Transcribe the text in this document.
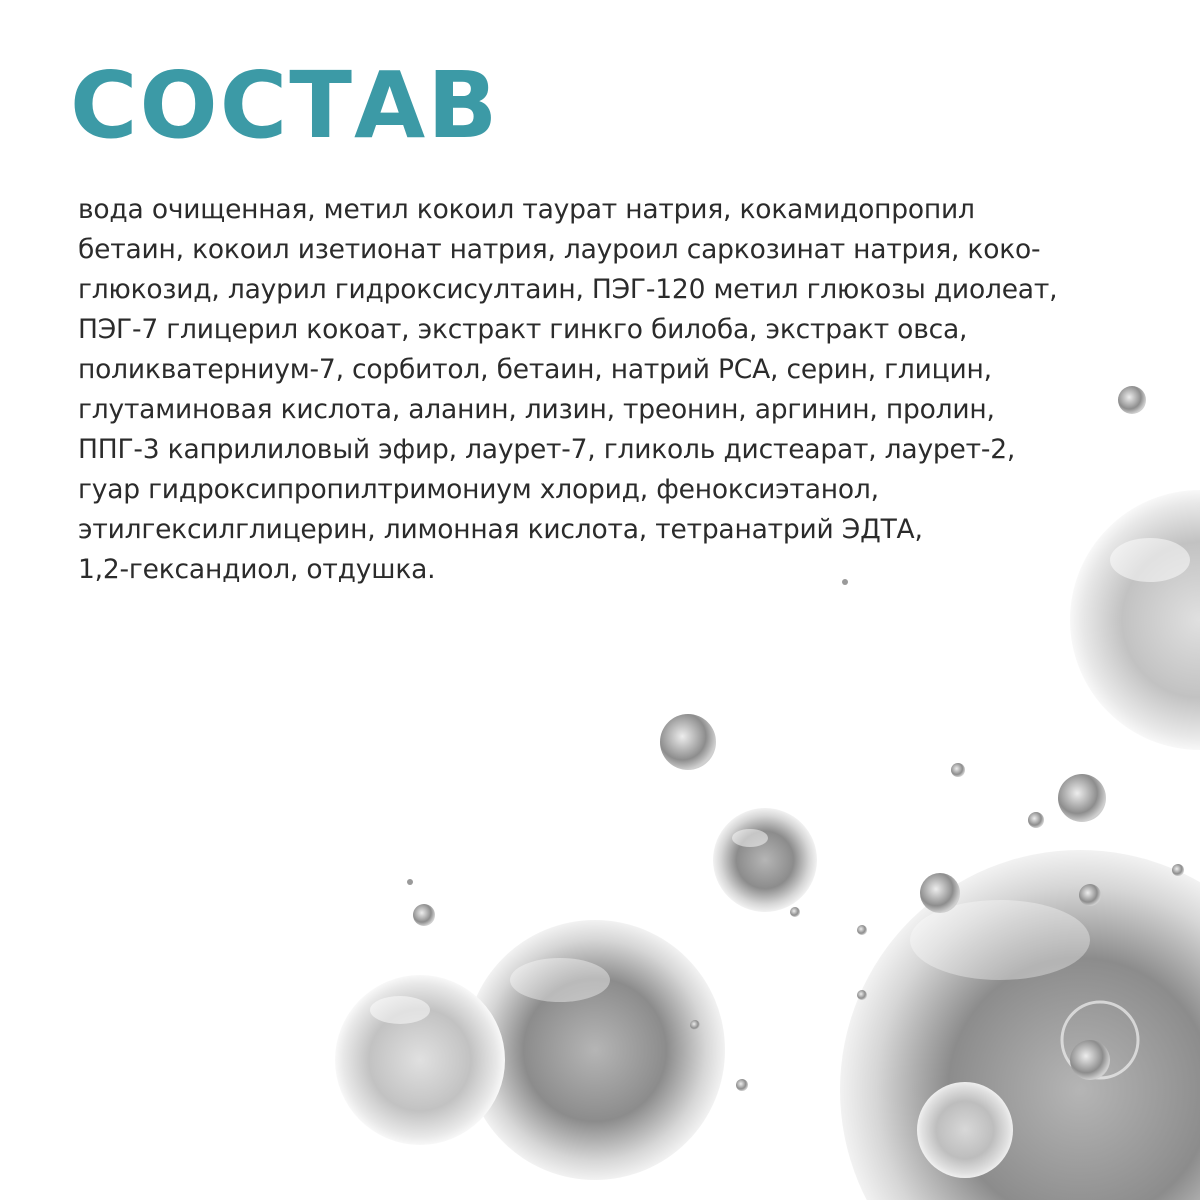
СОСТАВ

вода очищенная, метил кокоил таурат натрия, кокамидопропил
бетаин, кокоил изетионат натрия, лауроил саркозинат натрия, коко-
глюкозид, лаурил гидроксисултаин, ПЭГ-120 метил глюкозы диолеат,
ПЭГ-7 глицерил кокоат, экстракт гинкго билоба, экстракт овса,
поликватерниум-7, сорбитол, бетаин, натрий PCA, серин, глицин,
глутаминовая кислота, аланин, лизин, треонин, аргинин, пролин,
ППГ-3 каприлиловый эфир, лаурет-7, гликоль дистеарат, лаурет-2,
гуар гидроксипропилтримониум хлорид, феноксиэтанол,
этилгексилглицерин, лимонная кислота, тетранатрий ЭДТА,
1,2-гександиол, отдушка.
